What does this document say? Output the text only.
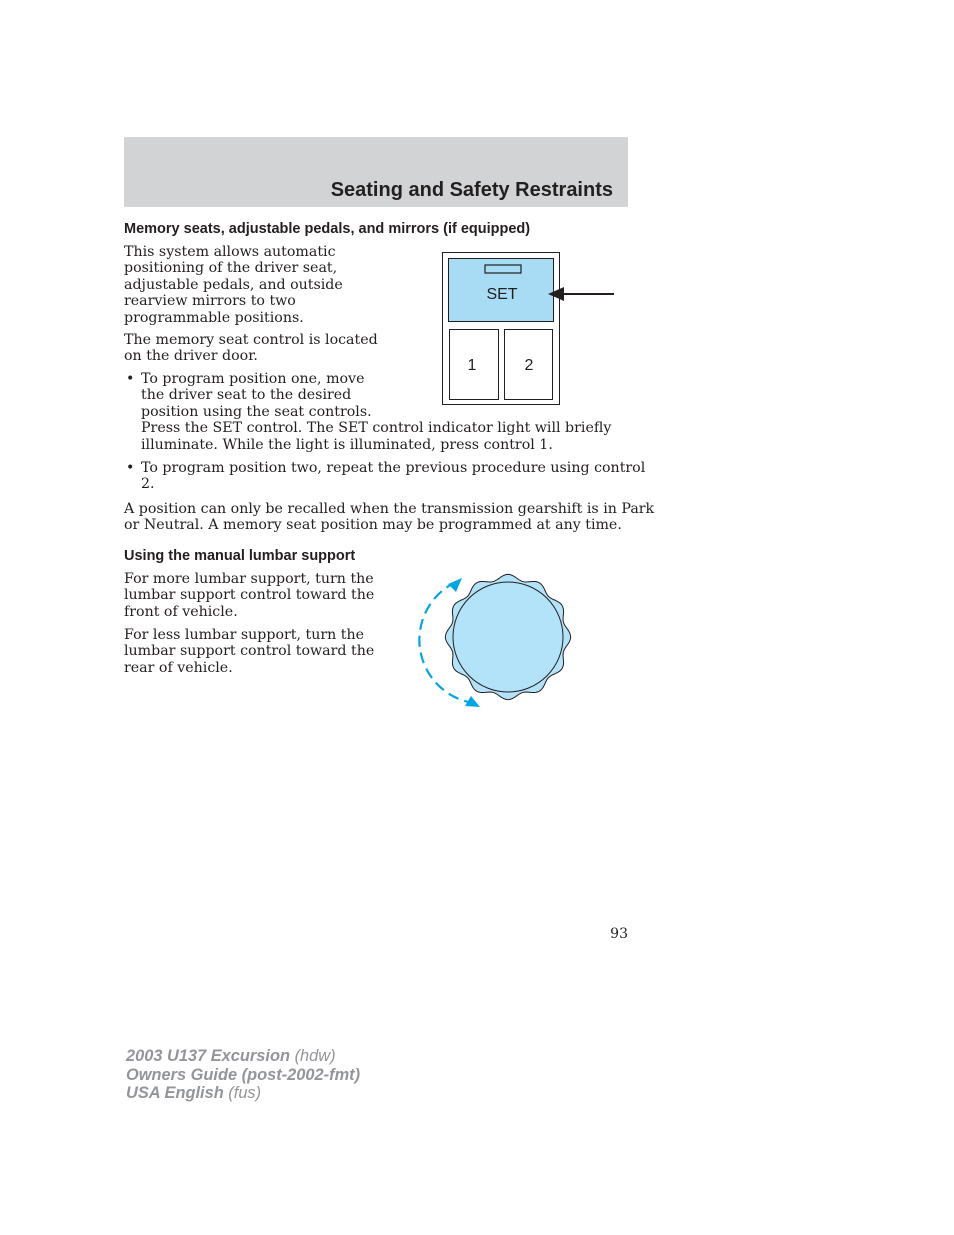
Seating and Safety Restraints
Memory seats, adjustable pedals, and mirrors (if equipped)

This system allows automatic
positioning of the driver seat,
adjustable pedals, and outside
rearview mirrors to two
programmable positions.

The memory seat control is located
on the driver door.

• To program position one, move
the driver seat to the desired
position using the seat controls.
Press the SET control. The SET control indicator light will briefly
illuminate. While the light is illuminated, press control 1.

• To program position two, repeat the previous procedure using control
2.

A position can only be recalled when the transmission gearshift is in Park
or Neutral. A memory seat position may be programmed at any time.

SET
1	2
Using the manual lumbar support

For more lumbar support, turn the
lumbar support control toward the
front of vehicle.

For less lumbar support, turn the
lumbar support control toward the
rear of vehicle.

93
2003 U137 Excursion (hdw)
Owners Guide (post-2002-fmt)
USA English (fus)
